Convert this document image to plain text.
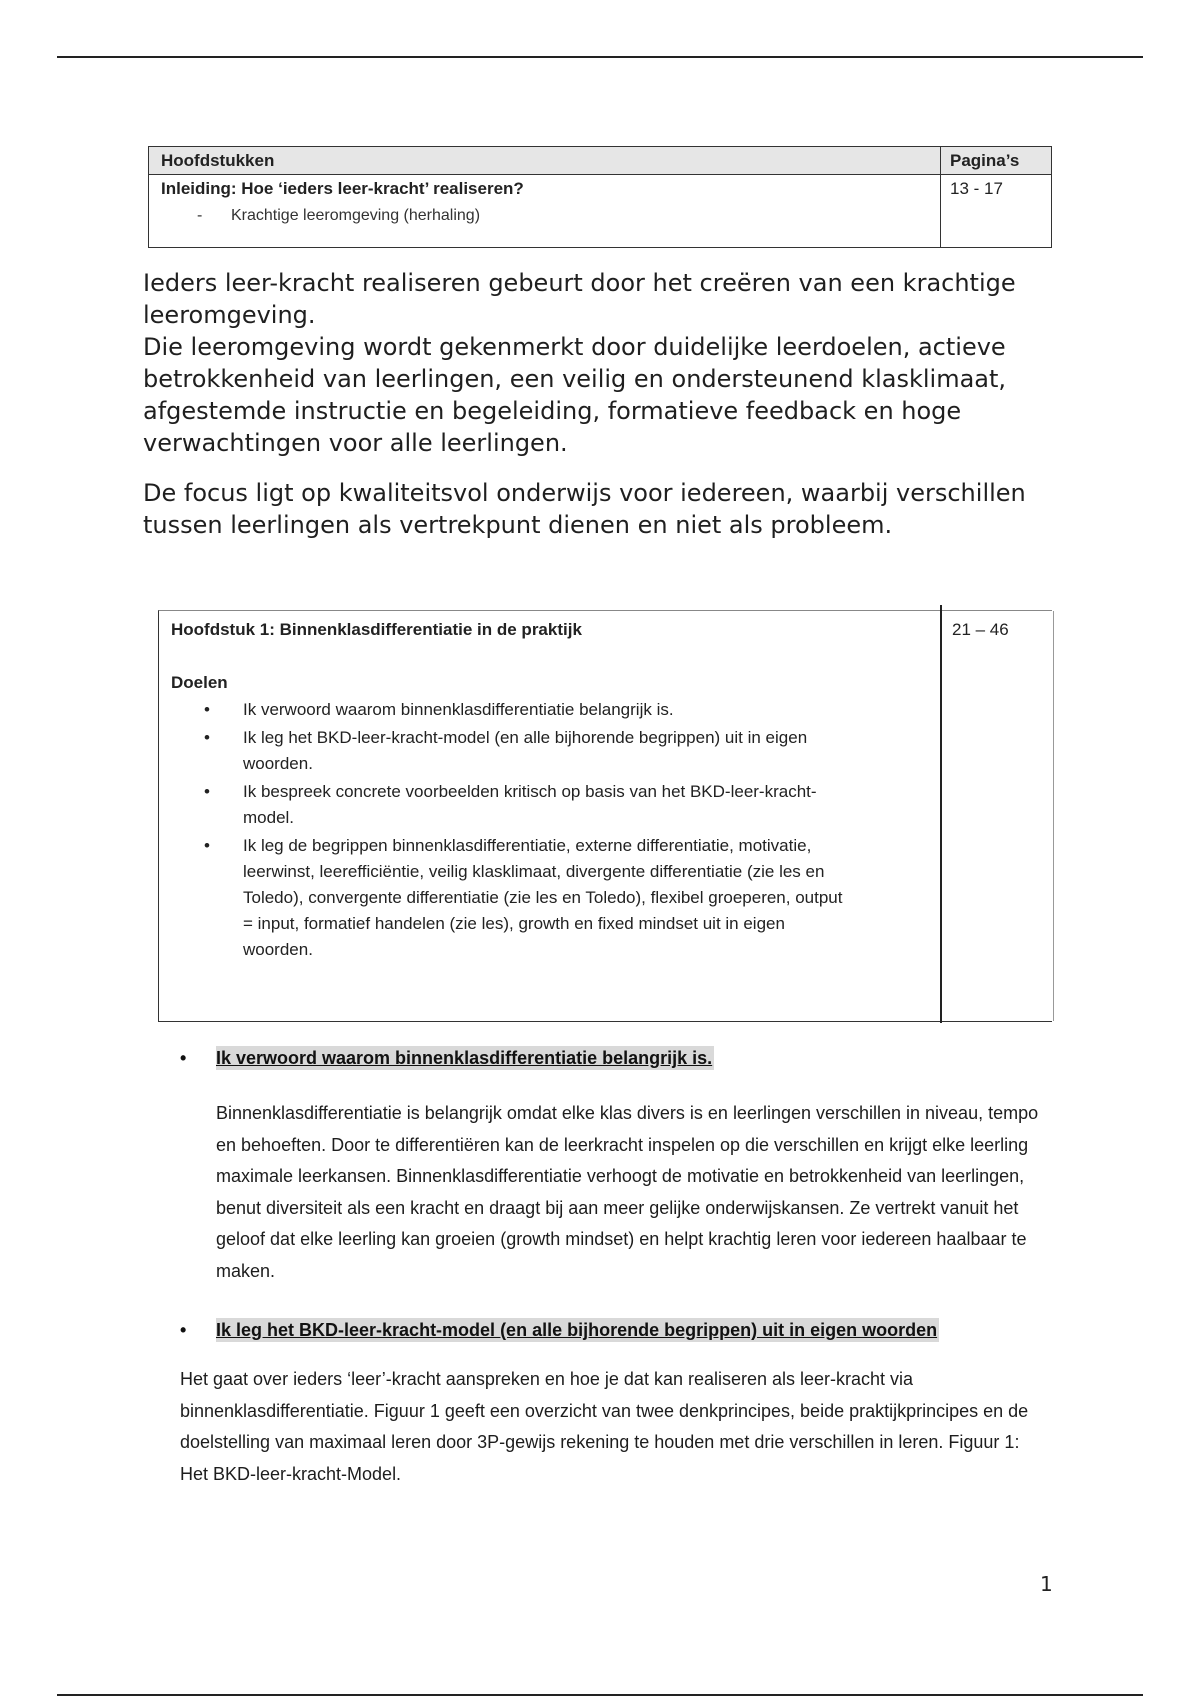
Hoofdstukken	Pagina’s
Inleiding: Hoe ‘ieders leer-kracht’ realiseren?	13 - 17
- Krachtige leeromgeving (herhaling)

Ieders leer-kracht realiseren gebeurt door het creëren van een krachtige leeromgeving.

Die leeromgeving wordt gekenmerkt door duidelijke leerdoelen, actieve betrokkenheid van leerlingen, een veilig en ondersteunend klasklimaat, afgestemde instructie en begeleiding, formatieve feedback en hoge verwachtingen voor alle leerlingen.

De focus ligt op kwaliteitsvol onderwijs voor iedereen, waarbij verschillen tussen leerlingen als vertrekpunt dienen en niet als probleem.

Hoofdstuk 1: Binnenklasdifferentiatie in de praktijk	21 – 46
Doelen
• Ik verwoord waarom binnenklasdifferentiatie belangrijk is.
• Ik leg het BKD-leer-kracht-model (en alle bijhorende begrippen) uit in eigen woorden.
• Ik bespreek concrete voorbeelden kritisch op basis van het BKD-leer-kracht-model.
• Ik leg de begrippen binnenklasdifferentiatie, externe differentiatie, motivatie, leerwinst, leerefficiëntie, veilig klasklimaat, divergente differentiatie (zie les en Toledo), convergente differentiatie (zie les en Toledo), flexibel groeperen, output = input, formatief handelen (zie les), growth en fixed mindset uit in eigen woorden.
• Ik verwoord waarom binnenklasdifferentiatie belangrijk is.

Binnenklasdifferentiatie is belangrijk omdat elke klas divers is en leerlingen verschillen in niveau, tempo en behoeften. Door te differentiëren kan de leerkracht inspelen op die verschillen en krijgt elke leerling maximale leerkansen. Binnenklasdifferentiatie verhoogt de motivatie en betrokkenheid van leerlingen, benut diversiteit als een kracht en draagt bij aan meer gelijke onderwijskansen. Ze vertrekt vanuit het geloof dat elke leerling kan groeien (growth mindset) en helpt krachtig leren voor iedereen haalbaar te maken.

• Ik leg het BKD-leer-kracht-model (en alle bijhorende begrippen) uit in eigen woorden

Het gaat over ieders ‘leer’-kracht aanspreken en hoe je dat kan realiseren als leer-kracht via binnenklasdifferentiatie. Figuur 1 geeft een overzicht van twee denkprincipes, beide praktijkprincipes en de doelstelling van maximaal leren door 3P-gewijs rekening te houden met drie verschillen in leren. Figuur 1: Het BKD-leer-kracht-Model.

1
